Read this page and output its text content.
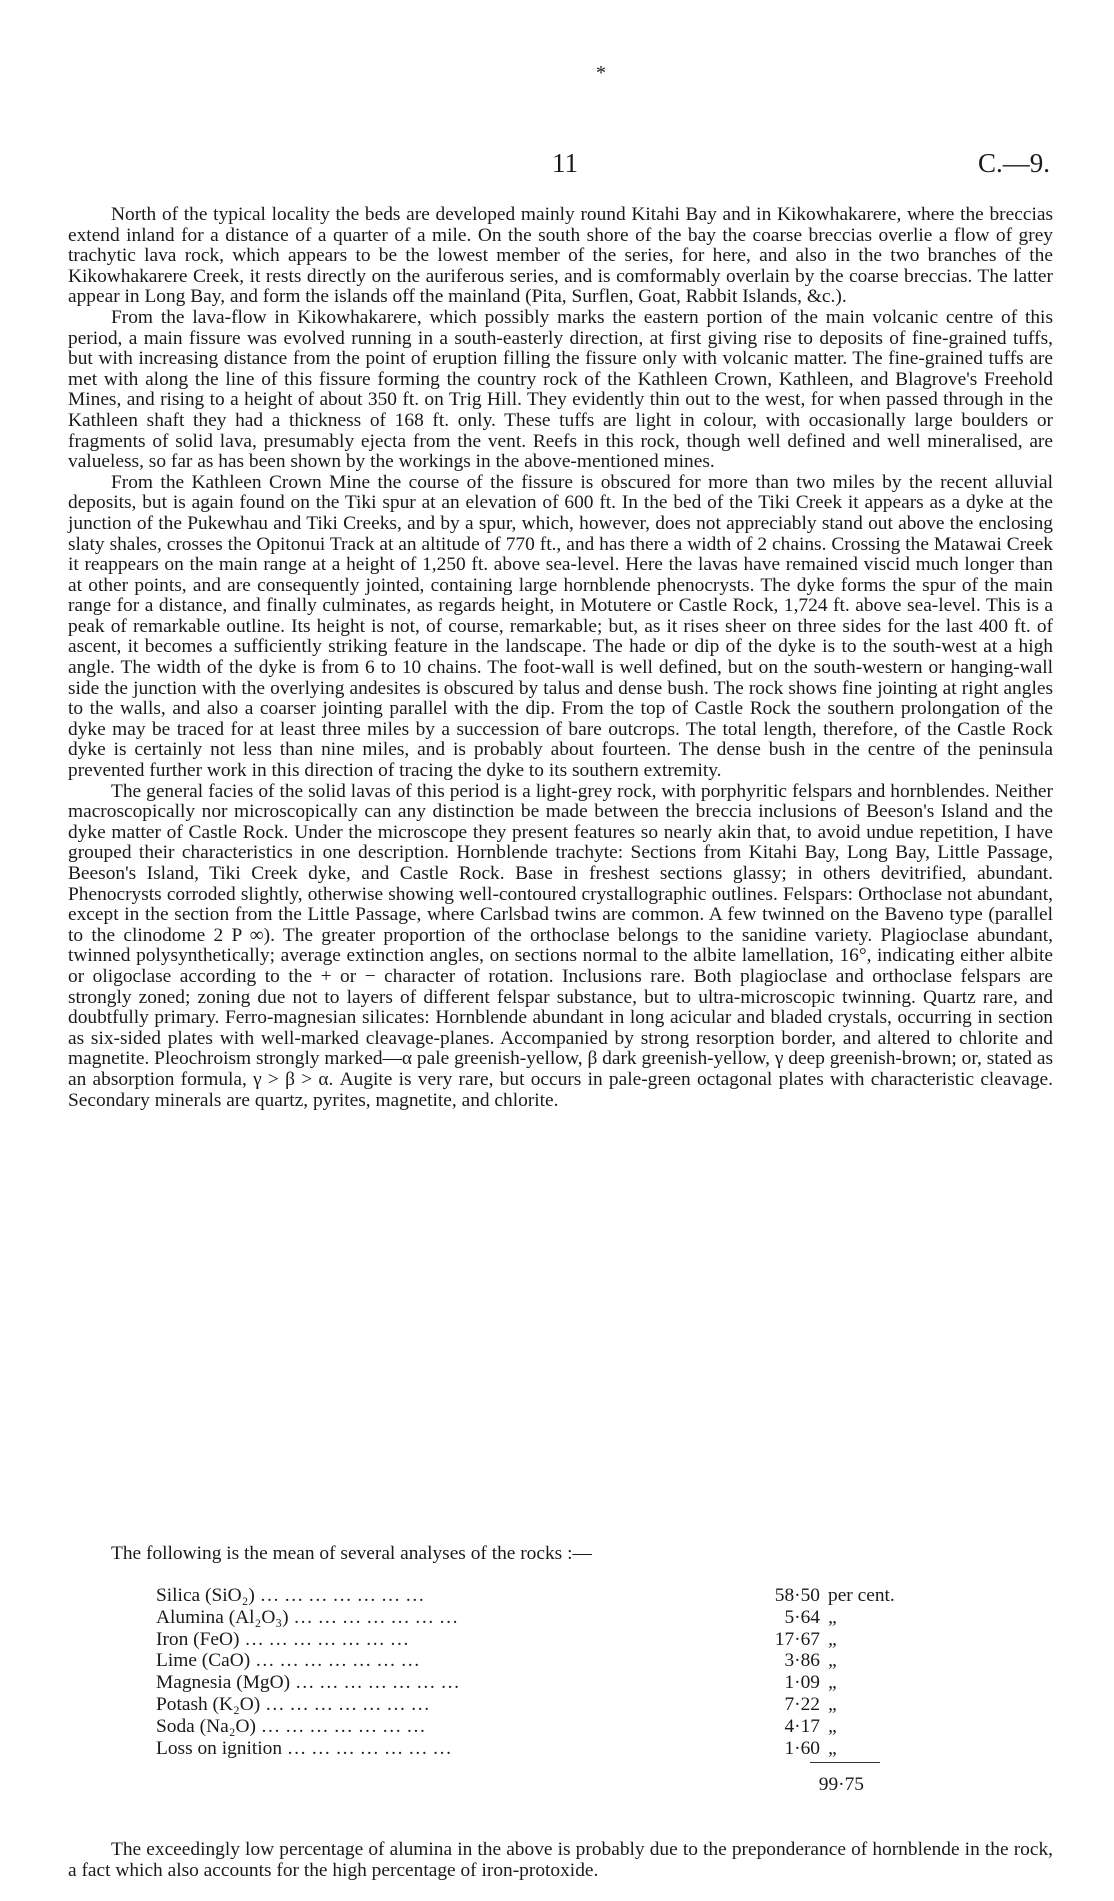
*
11	C.—9.

North of the typical locality the beds are developed mainly round Kitahi Bay and in Kikowhakarere, where the breccias extend inland for a distance of a quarter of a mile. On the south shore of the bay the coarse breccias overlie a flow of grey trachytic lava rock, which appears to be the lowest member of the series, for here, and also in the two branches of the Kikowhakarere Creek, it rests directly on the auriferous series, and is comformably overlain by the coarse breccias. The latter appear in Long Bay, and form the islands off the mainland (Pita, Surflen, Goat, Rabbit Islands, &c.).

From the lava-flow in Kikowhakarere, which possibly marks the eastern portion of the main volcanic centre of this period, a main fissure was evolved running in a south-easterly direction, at first giving rise to deposits of fine-grained tuffs, but with increasing distance from the point of eruption filling the fissure only with volcanic matter. The fine-grained tuffs are met with along the line of this fissure forming the country rock of the Kathleen Crown, Kathleen, and Blagrove's Freehold Mines, and rising to a height of about 350 ft. on Trig Hill. They evidently thin out to the west, for when passed through in the Kathleen shaft they had a thickness of 168 ft. only. These tuffs are light in colour, with occasionally large boulders or fragments of solid lava, presumably ejecta from the vent. Reefs in this rock, though well defined and well mineralised, are valueless, so far as has been shown by the workings in the above-mentioned mines.

From the Kathleen Crown Mine the course of the fissure is obscured for more than two miles by the recent alluvial deposits, but is again found on the Tiki spur at an elevation of 600 ft. In the bed of the Tiki Creek it appears as a dyke at the junction of the Pukewhau and Tiki Creeks, and by a spur, which, however, does not appreciably stand out above the enclosing slaty shales, crosses the Opitonui Track at an altitude of 770 ft., and has there a width of 2 chains. Crossing the Matawai Creek it reappears on the main range at a height of 1,250 ft. above sea-level. Here the lavas have remained viscid much longer than at other points, and are consequently jointed, containing large hornblende phenocrysts. The dyke forms the spur of the main range for a distance, and finally culminates, as regards height, in Motutere or Castle Rock, 1,724 ft. above sea-level. This is a peak of remarkable outline. Its height is not, of course, remarkable; but, as it rises sheer on three sides for the last 400 ft. of ascent, it becomes a sufficiently striking feature in the landscape. The hade or dip of the dyke is to the south-west at a high angle. The width of the dyke is from 6 to 10 chains. The foot-wall is well defined, but on the south-western or hanging-wall side the junction with the overlying andesites is obscured by talus and dense bush. The rock shows fine jointing at right angles to the walls, and also a coarser jointing parallel with the dip. From the top of Castle Rock the southern prolongation of the dyke may be traced for at least three miles by a succession of bare outcrops. The total length, therefore, of the Castle Rock dyke is certainly not less than nine miles, and is probably about fourteen. The dense bush in the centre of the peninsula prevented further work in this direction of tracing the dyke to its southern extremity.

The general facies of the solid lavas of this period is a light-grey rock, with porphyritic felspars and hornblendes. Neither macroscopically nor microscopically can any distinction be made between the breccia inclusions of Beeson's Island and the dyke matter of Castle Rock. Under the microscope they present features so nearly akin that, to avoid undue repetition, I have grouped their characteristics in one description. Hornblende trachyte: Sections from Kitahi Bay, Long Bay, Little Passage, Beeson's Island, Tiki Creek dyke, and Castle Rock. Base in freshest sections glassy; in others devitrified, abundant. Phenocrysts corroded slightly, otherwise showing well-contoured crystallographic outlines. Felspars: Orthoclase not abundant, except in the section from the Little Passage, where Carlsbad twins are common. A few twinned on the Baveno type (parallel to the clinodome 2 P ∞). The greater proportion of the orthoclase belongs to the sanidine variety. Plagioclase abundant, twinned polysynthetically; average extinction angles, on sections normal to the albite lamellation, 16°, indicating either albite or oligoclase according to the + or − character of rotation. Inclusions rare. Both plagioclase and orthoclase felspars are strongly zoned; zoning due not to layers of different felspar substance, but to ultra-microscopic twinning. Quartz rare, and doubtfully primary. Ferro-magnesian silicates: Hornblende abundant in long acicular and bladed crystals, occurring in section as six-sided plates with well-marked cleavage-planes. Accompanied by strong resorption border, and altered to chlorite and magnetite. Pleochroism strongly marked—α pale greenish-yellow, β dark greenish-yellow, γ deep greenish-brown; or, stated as an absorption formula, γ > β > α. Augite is very rare, but occurs in pale-green octagonal plates with characteristic cleavage. Secondary minerals are quartz, pyrites, magnetite, and chlorite.

The following is the mean of several analyses of the rocks :—
Silica (SiO₂) … … … … … … …	58·50 per cent.
Alumina (Al₂O₃) … … … … … … …	5·64 „
Iron (FeO) … … … … … … …	17·67 „
Lime (CaO) … … … … … … …	3·86 „
Magnesia (MgO) … … … … … … …	1·09 „
Potash (K₂O) … … … … … … …	7·22 „
Soda (Na₂O) … … … … … … …	4·17 „
Loss on ignition … … … … … … …	1·60 „
99·75

The exceedingly low percentage of alumina in the above is probably due to the preponderance of hornblende in the rock, a fact which also accounts for the high percentage of iron-protoxide.
